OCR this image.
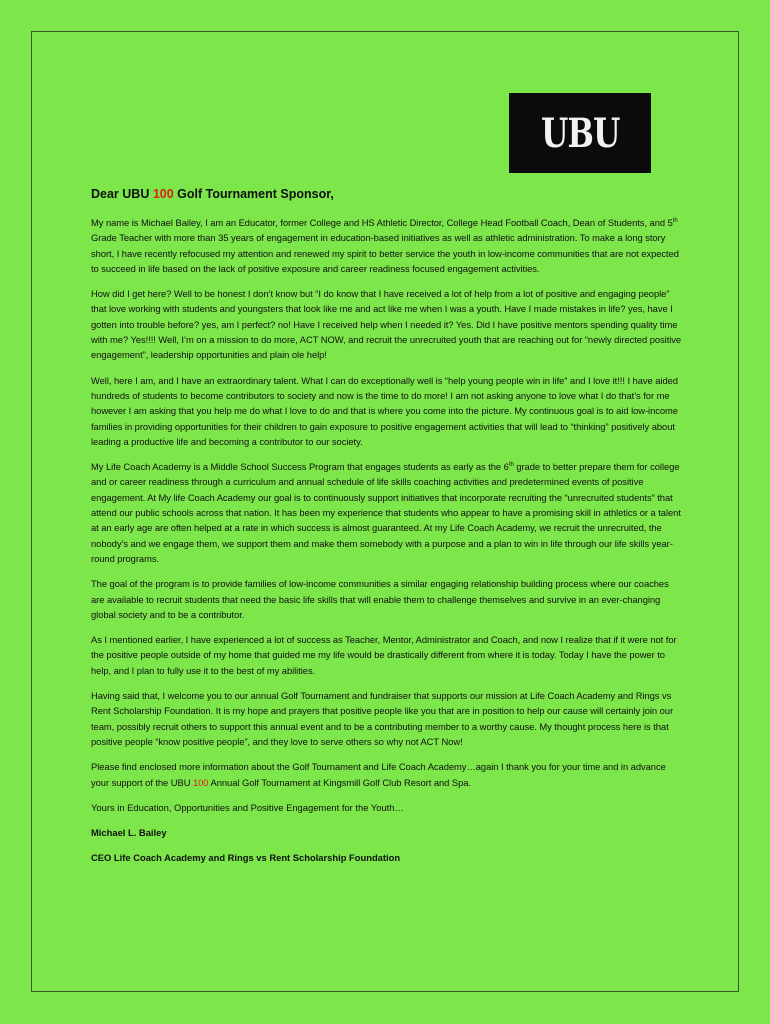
UBU
Dear UBU 100 Golf Tournament Sponsor,

My name is Michael Bailey, I am an Educator, former College and HS Athletic Director, College Head Football Coach, Dean of Students, and 5th Grade Teacher with more than 35 years of engagement in education-based initiatives as well as athletic administration. To make a long story short, I have recently refocused my attention and renewed my spirit to better service the youth in low-income communities that are not expected to succeed in life based on the lack of positive exposure and career readiness focused engagement activities.

How did I get here? Well to be honest I don’t know but “I do know that I have received a lot of help from a lot of positive and engaging people” that love working with students and youngsters that look like me and act like me when I was a youth. Have I made mistakes in life? yes, have I gotten into trouble before? yes, am I perfect? no! Have I received help when I needed it? Yes. Did I have positive mentors spending quality time with me? Yes!!!! Well, I’m on a mission to do more, ACT NOW, and recruit the unrecruited youth that are reaching out for “newly directed positive engagement”, leadership opportunities and plain ole help!

Well, here I am, and I have an extraordinary talent. What I can do exceptionally well is “help young people win in life” and I love it!!! I have aided hundreds of students to become contributors to society and now is the time to do more! I am not asking anyone to love what I do that’s for me however I am asking that you help me do what I love to do and that is where you come into the picture. My continuous goal is to aid low-income families in providing opportunities for their children to gain exposure to positive engagement activities that will lead to “thinking” positively about leading a productive life and becoming a contributor to our society.

My Life Coach Academy is a Middle School Success Program that engages students as early as the 6th grade to better prepare them for college and or career readiness through a curriculum and annual schedule of life skills coaching activities and predetermined events of positive engagement. At My life Coach Academy our goal is to continuously support initiatives that incorporate recruiting the “unrecruited students” that attend our public schools across that nation. It has been my experience that students who appear to have a promising skill in athletics or a talent at an early age are often helped at a rate in which success is almost guaranteed. At my Life Coach Academy, we recruit the unrecruited, the nobody’s and we engage them, we support them and make them somebody with a purpose and a plan to win in life through our life skills year-round programs.

The goal of the program is to provide families of low-income communities a similar engaging relationship building process where our coaches are available to recruit students that need the basic life skills that will enable them to challenge themselves and survive in an ever-changing global society and to be a contributor.

As I mentioned earlier, I have experienced a lot of success as Teacher, Mentor, Administrator and Coach, and now I realize that if it were not for the positive people outside of my home that guided me my life would be drastically different from where it is today. Today I have the power to help, and I plan to fully use it to the best of my abilities.

Having said that, I welcome you to our annual Golf Tournament and fundraiser that supports our mission at Life Coach Academy and Rings vs Rent Scholarship Foundation. It is my hope and prayers that positive people like you that are in position to help our cause will certainly join our team, possibly recruit others to support this annual event and to be a contributing member to a worthy cause. My thought process here is that positive people “know positive people”, and they love to serve others so why not ACT Now!

Please find enclosed more information about the Golf Tournament and Life Coach Academy…again I thank you for your time and in advance your support of the UBU 100 Annual Golf Tournament at Kingsmill Golf Club Resort and Spa.

Yours in Education, Opportunities and Positive Engagement for the Youth…
Michael L. Bailey
CEO Life Coach Academy and Rings vs Rent Scholarship Foundation
